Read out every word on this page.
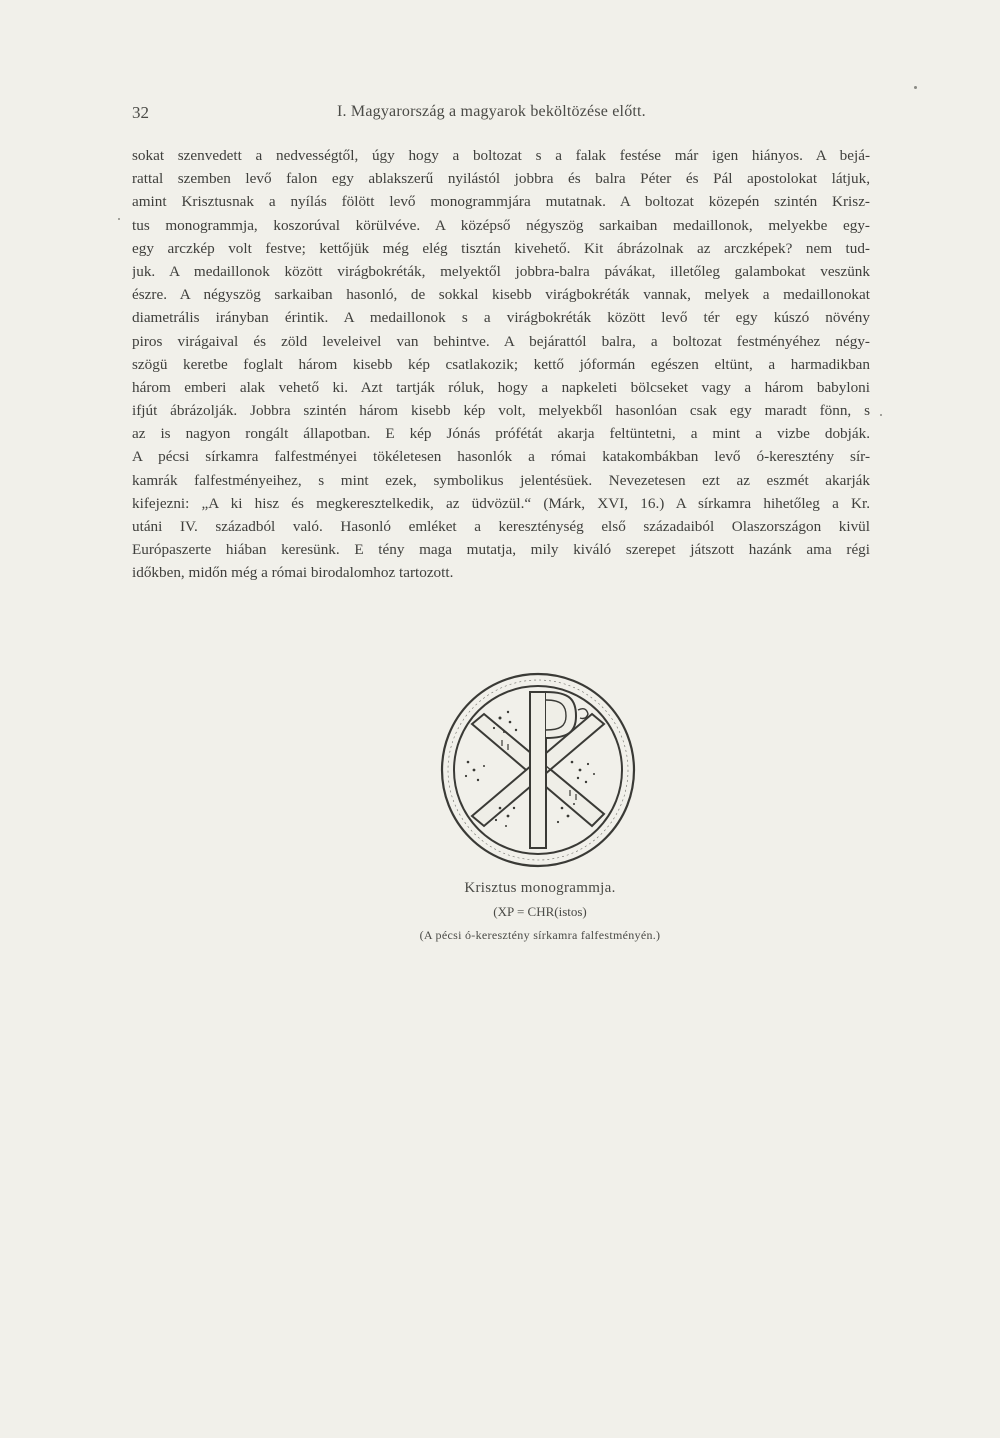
32	I. Magyarország a magyarok beköltözése előtt.
sokat szenvedett a nedvességtől, úgy hogy a boltozat s a falak festése már igen hiányos. A bejá-
rattal szemben levő falon egy ablakszerű nyilástól jobbra és balra Péter és Pál apostolokat látjuk,
amint Krisztusnak a nyílás fölött levő monogrammjára mutatnak. A boltozat közepén szintén Krisz-
tus monogrammja, koszorúval körülvéve. A középső négyszög sarkaiban medaillonok, melyekbe egy-
egy arczkép volt festve; kettőjük még elég tisztán kivehető. Kit ábrázolnak az arczképek? nem tud-
juk. A medaillonok között virágbokréták, melyektől jobbra-balra pávákat, illetőleg galambokat veszünk
észre. A négyszög sarkaiban hasonló, de sokkal kisebb virágbokréták vannak, melyek a medaillonokat
diametrális irányban érintik. A medaillonok s a virágbokréták között levő tér egy kúszó növény
piros virágaival és zöld leveleivel van behintve. A bejárattól balra, a boltozat festményéhez négy-
szögü keretbe foglalt három kisebb kép csatlakozik; kettő jóformán egészen eltünt, a harmadikban
három emberi alak vehető ki. Azt tartják róluk, hogy a napkeleti bölcseket vagy a három babyloni
ifjút ábrázolják. Jobbra szintén három kisebb kép volt, melyekből hasonlóan csak egy maradt fönn, s
az is nagyon rongált állapotban. E kép Jónás prófétát akarja feltüntetni, a mint a vizbe dobják.
A pécsi sírkamra falfestményei tökéletesen hasonlók a római katakombákban levő ó-keresztény sír-
kamrák falfestményeihez, s mint ezek, symbolikus jelentésüek. Nevezetesen ezt az eszmét akarják
kifejezni: „A ki hisz és megkeresztelkedik, az üdvözül.“ (Márk, XVI, 16.) A sírkamra hihetőleg a Kr.
utáni IV. századból való. Hasonló emléket a kereszténység első századaiból Olaszországon kivül
Európaszerte hiában keresünk. E tény maga mutatja, mily kiváló szerepet játszott hazánk ama régi
időkben, midőn még a római birodalomhoz tartozott.
Krisztus monogrammja.
(XP = CHR(istos)
(A pécsi ó-keresztény sírkamra falfestményén.)
